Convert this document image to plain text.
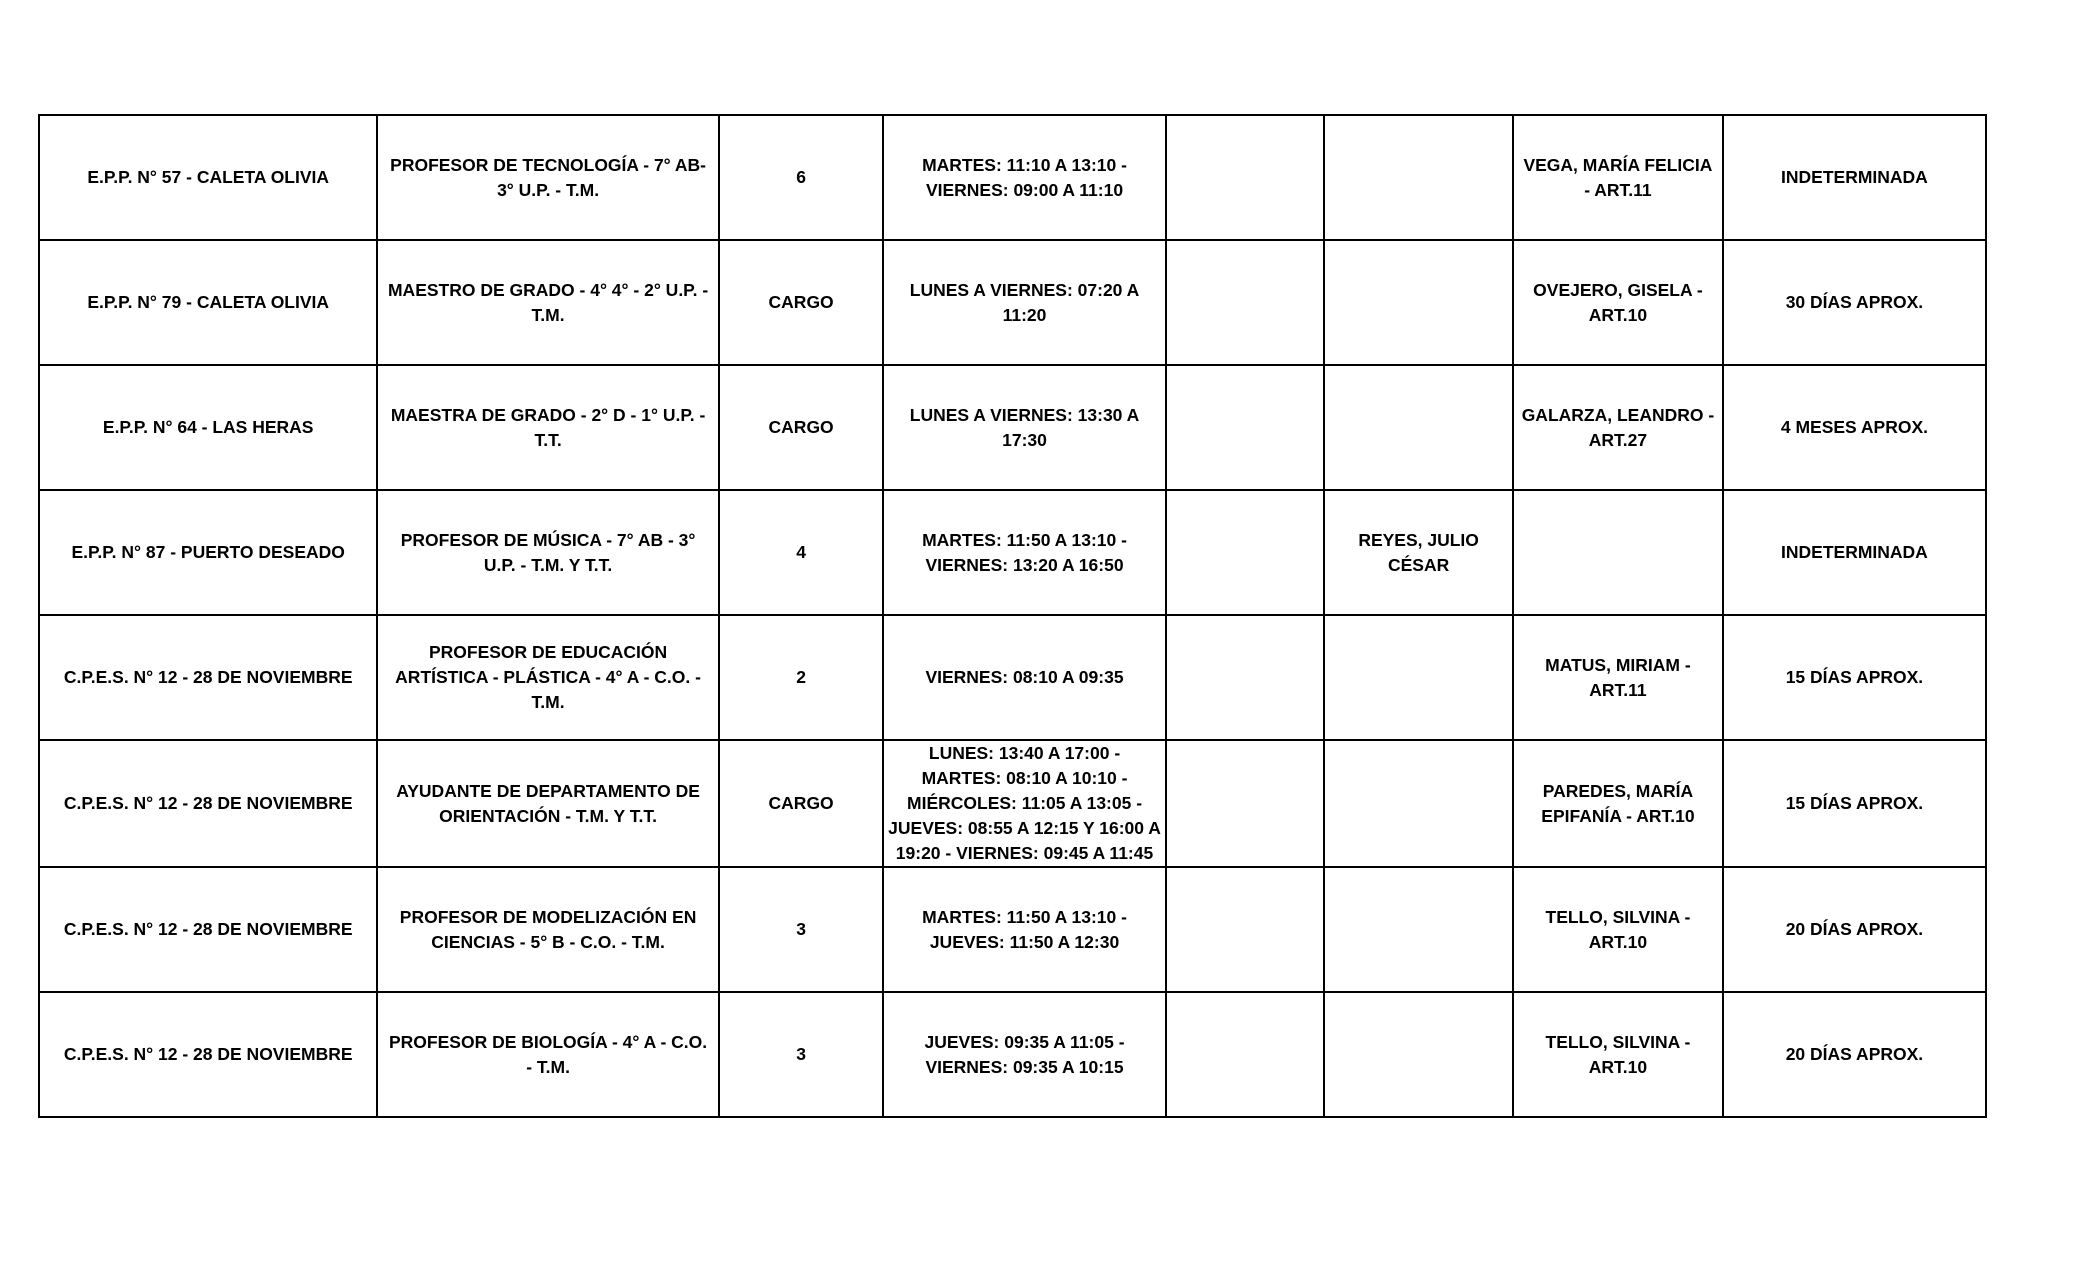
E.P.P. N° 57 - CALETA OLIVIA	PROFESOR DE TECNOLOGÍA - 7° AB- 3° U.P. - T.M.	6	MARTES: 11:10 A 13:10 - VIERNES: 09:00 A 11:10			VEGA, MARÍA FELICIA - ART.11	INDETERMINADA
E.P.P. N° 79 - CALETA OLIVIA	MAESTRO DE GRADO - 4° 4° - 2° U.P. - T.M.	CARGO	LUNES A VIERNES: 07:20 A 11:20			OVEJERO, GISELA - ART.10	30 DÍAS APROX.
E.P.P. N° 64 - LAS HERAS	MAESTRA DE GRADO - 2° D - 1° U.P. - T.T.	CARGO	LUNES A VIERNES: 13:30 A 17:30			GALARZA, LEANDRO - ART.27	4 MESES APROX.
E.P.P. N° 87 - PUERTO DESEADO	PROFESOR DE MÚSICA - 7° AB - 3° U.P. - T.M. Y T.T.	4	MARTES: 11:50 A 13:10 - VIERNES: 13:20 A 16:50		REYES, JULIO CÉSAR		INDETERMINADA
C.P.E.S. N° 12 - 28 DE NOVIEMBRE	PROFESOR DE EDUCACIÓN ARTÍSTICA - PLÁSTICA - 4° A - C.O. - T.M.	2	VIERNES: 08:10 A 09:35			MATUS, MIRIAM - ART.11	15 DÍAS APROX.
C.P.E.S. N° 12 - 28 DE NOVIEMBRE	AYUDANTE DE DEPARTAMENTO DE ORIENTACIÓN - T.M. Y T.T.	CARGO	LUNES: 13:40 A 17:00 - MARTES: 08:10 A 10:10 - MIÉRCOLES: 11:05 A 13:05 - JUEVES: 08:55 A 12:15 Y 16:00 A 19:20 - VIERNES: 09:45 A 11:45			PAREDES, MARÍA EPIFANÍA - ART.10	15 DÍAS APROX.
C.P.E.S. N° 12 - 28 DE NOVIEMBRE	PROFESOR DE MODELIZACIÓN EN CIENCIAS - 5° B - C.O. - T.M.	3	MARTES: 11:50 A 13:10 - JUEVES: 11:50 A 12:30			TELLO, SILVINA - ART.10	20 DÍAS APROX.
C.P.E.S. N° 12 - 28 DE NOVIEMBRE	PROFESOR DE BIOLOGÍA - 4° A - C.O. - T.M.	3	JUEVES: 09:35 A 11:05 - VIERNES: 09:35 A 10:15			TELLO, SILVINA - ART.10	20 DÍAS APROX.
